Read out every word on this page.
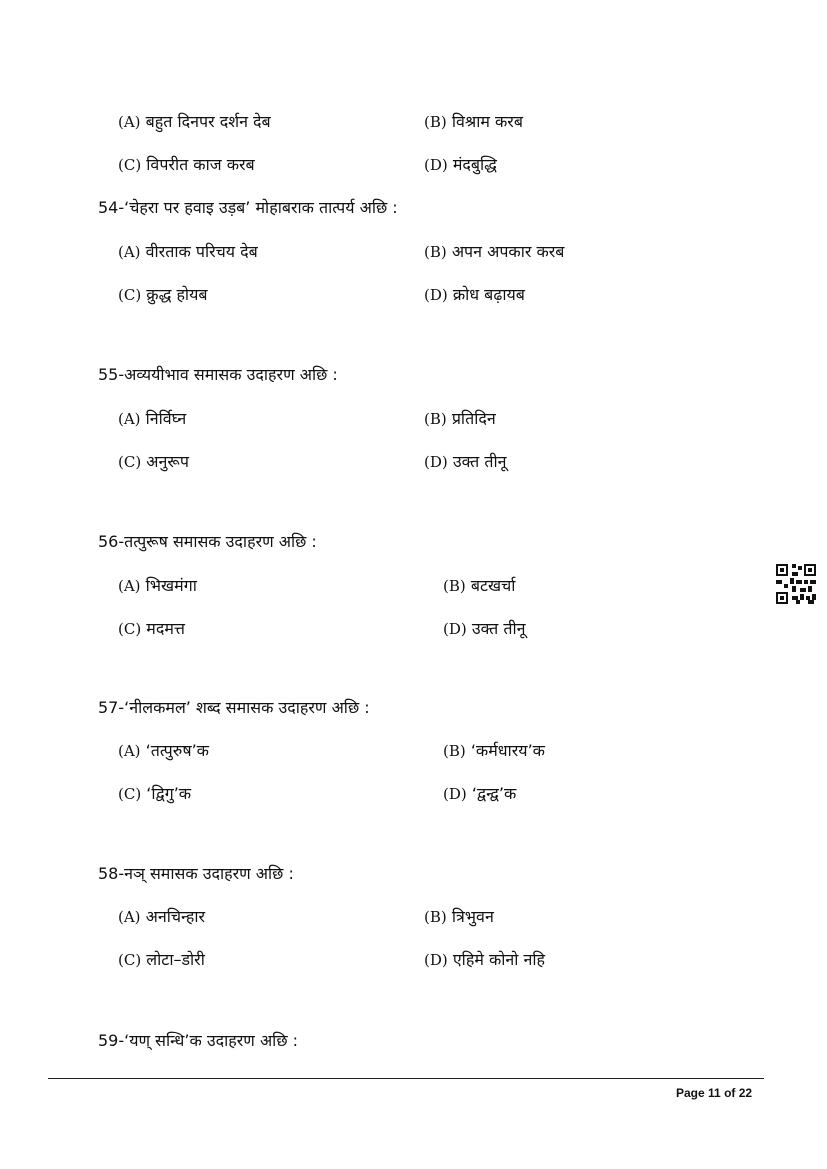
(A) बहुत दिनपर दर्शन देब	(B) विश्राम करब
(C) विपरीत काज करब	(D) मंदबुद्धि
54-‘चेहरा पर हवाइ उड़ब’ मोहाबराक तात्पर्य अछि :
(A) वीरताक परिचय देब	(B) अपन अपकार करब
(C) क्रुद्ध होयब	(D) क्रोध बढ़ायब
55-अव्ययीभाव समासक उदाहरण अछि :
(A) निर्विघ्न	(B) प्रतिदिन
(C) अनुरूप	(D) उक्त तीनू
56-तत्पुरूष समासक उदाहरण अछि :
(A) भिखमंगा	(B) बटखर्चा
(C) मदमत्त	(D) उक्त तीनू
57-‘नीलकमल’ शब्द समासक उदाहरण अछि :
(A) ‘तत्पुरुष’क	(B) ‘कर्मधारय’क
(C) ‘द्विगु’क	(D) ‘द्वन्द्व’क
58-नञ् समासक उदाहरण अछि :
(A) अनचिन्हार	(B) त्रिभुवन
(C) लोटा–डोरी	(D) एहिमे कोनो नहि
59-‘यण् सन्धि’क उदाहरण अछि :
Page 11 of 22
